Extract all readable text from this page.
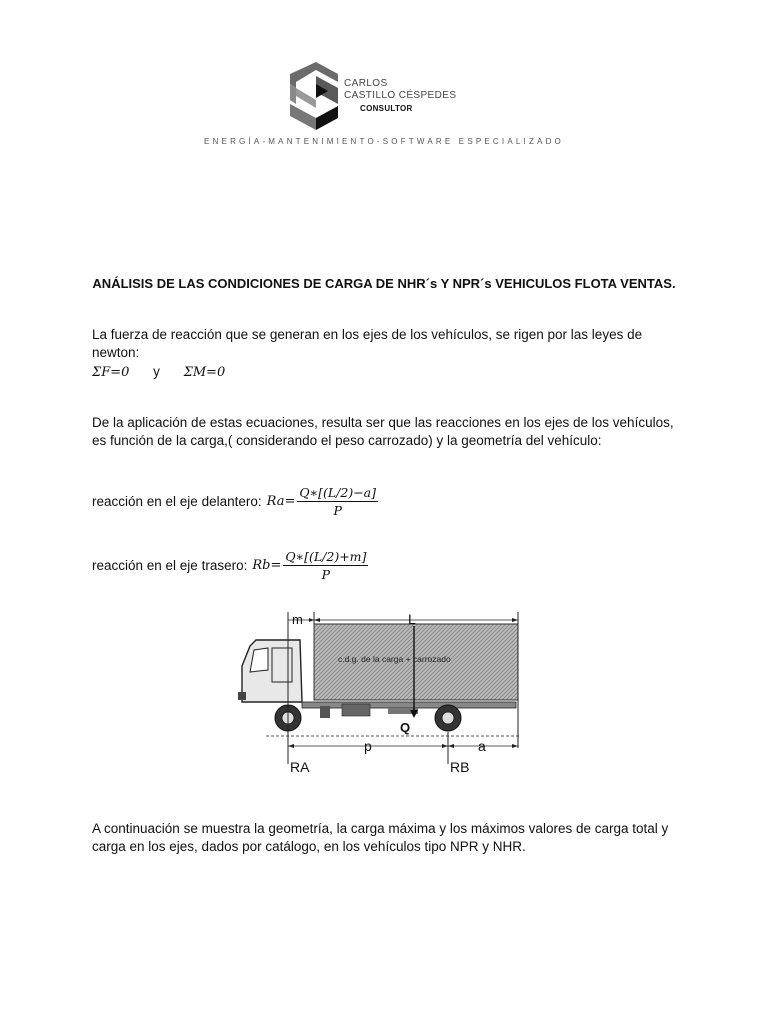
CARLOS
CASTILLO CÉSPEDES
CONSULTOR
ENERGÍA-MANTENIMIENTO-SOFTWARE ESPECIALIZADO
ANÁLISIS DE LAS CONDICIONES DE CARGA DE NHR´s Y NPR´s VEHICULOS FLOTA VENTAS.
La fuerza de reacción que se generan en los ejes de los vehículos, se rigen por las leyes de newton:
ΣF=0 y ΣM=0
De la aplicación de estas ecuaciones, resulta ser que las reacciones en los ejes de los vehículos, es función de la carga,( considerando el peso carrozado) y la geometría del vehículo:
reacción en el eje delantero: $Ra= \frac{Q∗[(L/2)-a]}{P}$
reacción en el eje trasero: $Rb= \frac{Q∗[(L/2)+m]}{P}$
m	L
c.d.g. de la carga + carrozado
Q
p	a
RA	RB
A continuación se muestra la geometría, la carga máxima y los máximos valores de carga total y carga en los ejes, dados por catálogo, en los vehículos tipo NPR y NHR.
